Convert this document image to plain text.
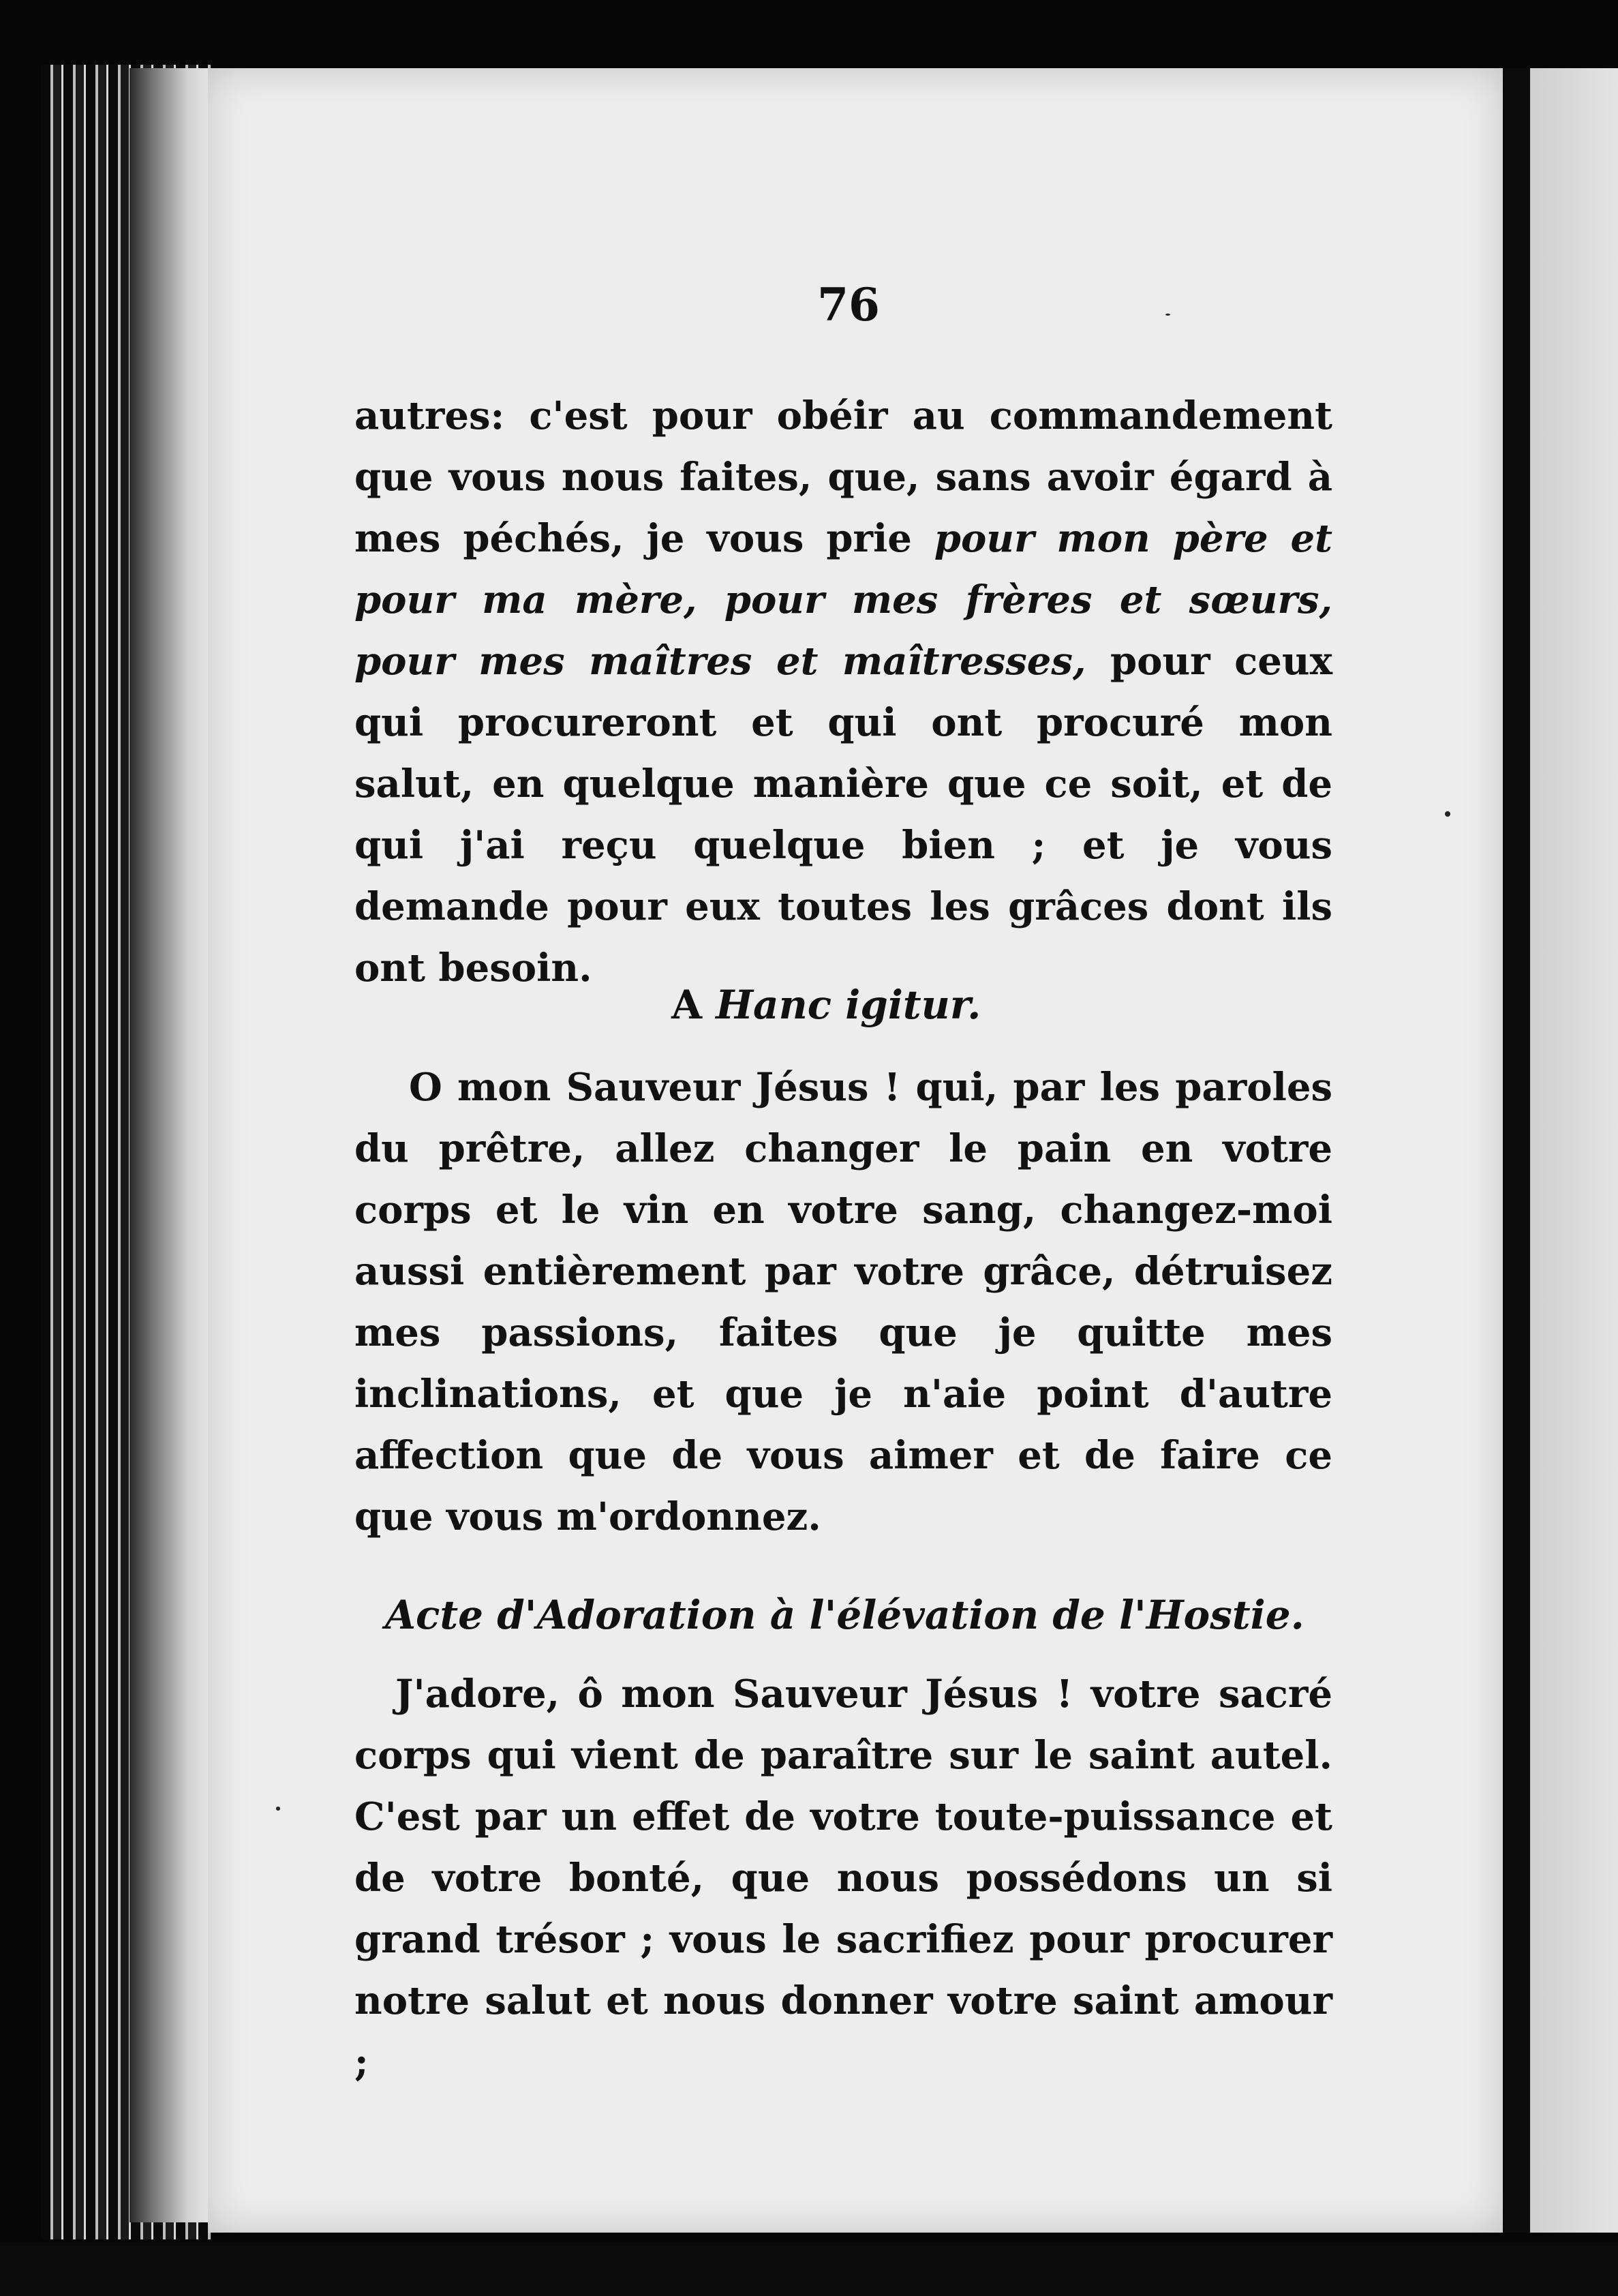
76

autres: c'est pour obéir au commandement que vous nous faites, que, sans avoir égard à mes péchés, je vous prie pour mon père et pour ma mère, pour mes frères et sœurs, pour mes maîtres et maîtresses, pour ceux qui procureront et qui ont procuré mon salut, en quelque manière que ce soit, et de qui j'ai reçu quelque bien ; et je vous demande pour eux toutes les grâces dont ils ont besoin.

A Hanc igitur.

O mon Sauveur Jésus ! qui, par les paroles du prêtre, allez changer le pain en votre corps et le vin en votre sang, changez-moi aussi entièrement par votre grâce, détruisez mes passions, faites que je quitte mes inclinations, et que je n'aie point d'autre affection que de vous aimer et de faire ce que vous m'ordonnez.

Acte d'Adoration à l'élévation de l'Hostie.

J'adore, ô mon Sauveur Jésus ! votre sacré corps qui vient de paraître sur le saint autel. C'est par un effet de votre toute-puissance et de votre bonté, que nous possédons un si grand trésor ; vous le sacrifiez pour procurer notre salut et nous donner votre saint amour ;
